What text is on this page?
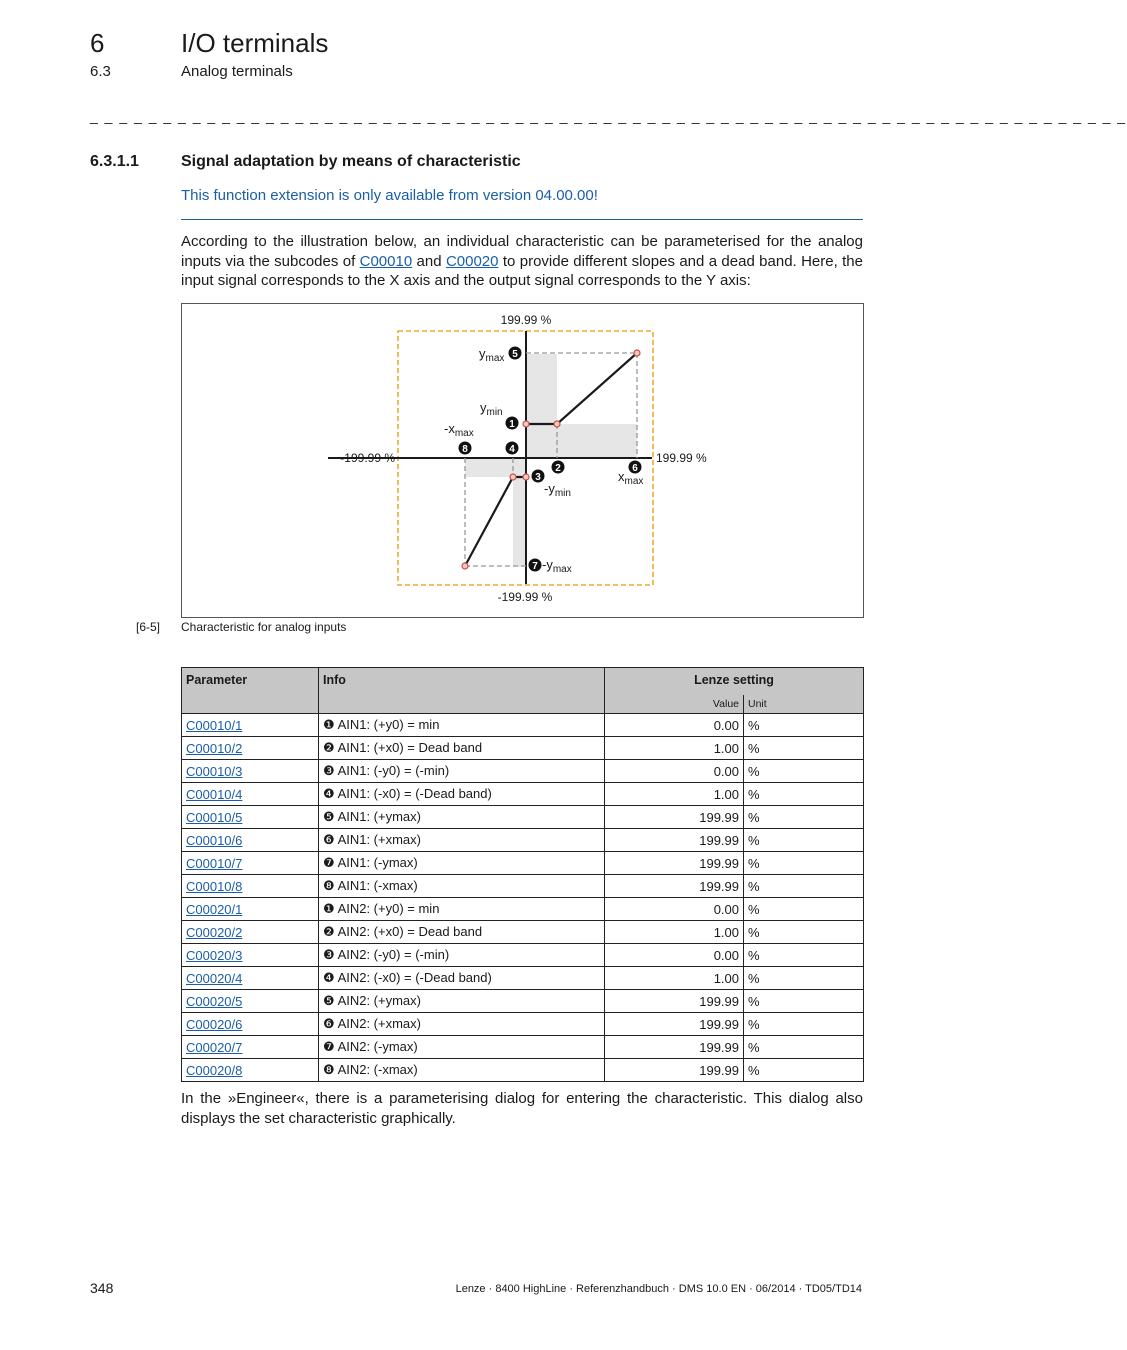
6	I/O terminals
6.3	Analog terminals
_ _ _ _ _ _ _ _ _ _ _ _ _ _ _ _ _ _ _ _ _ _ _ _ _ _ _ _ _ _ _ _ _ _ _ _ _ _ _ _ _ _ _ _ _ _ _ _ _ _ _ _ _ _ _ _ _ _ _ _ _ _ _ _ _ _ _ _ _ _ _
6.3.1.1	Signal adaptation by means of characteristic
This function extension is only available from version 04.00.00!
According to the illustration below, an individual characteristic can be parameterised for the analog inputs via the subcodes of C00010 and C00020 to provide different slopes and a dead band. Here, the input signal corresponds to the X axis and the output signal corresponds to the Y axis:
199.99 %
-199.99 %
-199.99 %	199.99 %
$y_{max}$
$y_{min}$
$-x_{max}$
$x_{max}$
$-y_{min}$
$-y_{max}$
1
2
3
4
5
6
7
8
[6-5] Characteristic for analog inputs
Parameter	Info	Lenze setting	
		Value	Unit
C00010/1	❶ AIN1: (+y0) = min	0.00	%
C00010/2	❷ AIN1: (+x0) = Dead band	1.00	%
C00010/3	❸ AIN1: (-y0) = (-min)	0.00	%
C00010/4	❹ AIN1: (-x0) = (-Dead band)	1.00	%
C00010/5	❺ AIN1: (+ymax)	199.99	%
C00010/6	❻ AIN1: (+xmax)	199.99	%
C00010/7	❼ AIN1: (-ymax)	199.99	%
C00010/8	❽ AIN1: (-xmax)	199.99	%
C00020/1	❶ AIN2: (+y0) = min	0.00	%
C00020/2	❷ AIN2: (+x0) = Dead band	1.00	%
C00020/3	❸ AIN2: (-y0) = (-min)	0.00	%
C00020/4	❹ AIN2: (-x0) = (-Dead band)	1.00	%
C00020/5	❺ AIN2: (+ymax)	199.99	%
C00020/6	❻ AIN2: (+xmax)	199.99	%
C00020/7	❼ AIN2: (-ymax)	199.99	%
C00020/8	❽ AIN2: (-xmax)	199.99	%
In the »Engineer«, there is a parameterising dialog for entering the characteristic. This dialog also displays the set characteristic graphically.
348	Lenze · 8400 HighLine · Referenzhandbuch · DMS 10.0 EN · 06/2014 · TD05/TD14
